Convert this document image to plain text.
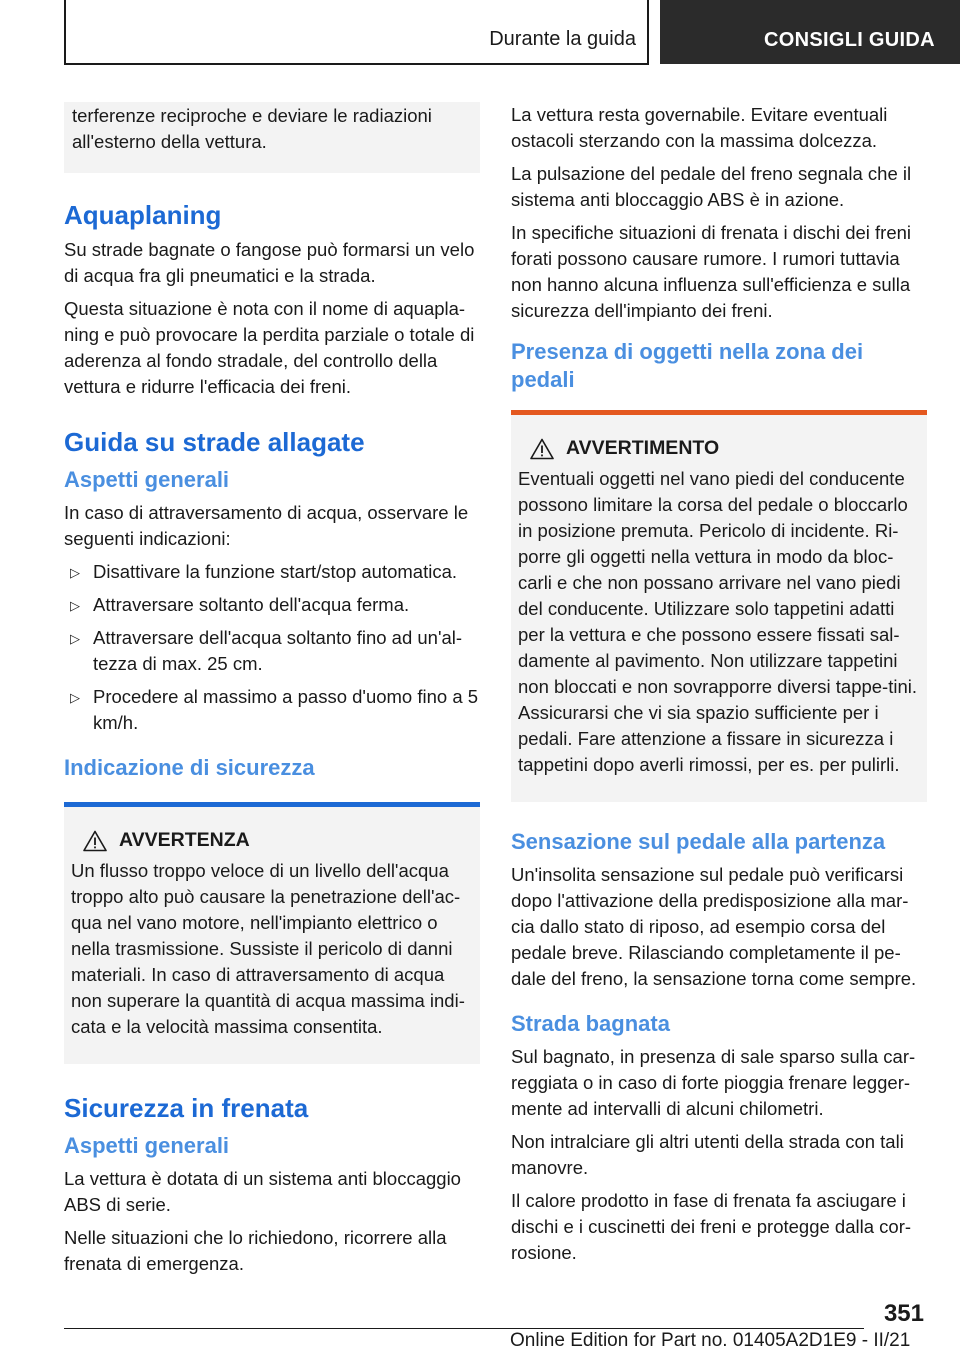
Durante la guida	CONSIGLI GUIDA

terferenze reciproche e deviare le radiazioni all'esterno della vettura.

Aquaplaning

Su strade bagnate o fangose può formarsi un velo di acqua fra gli pneumatici e la strada.

Questa situazione è nota con il nome di aquapla-ning e può provocare la perdita parziale o totale di aderenza al fondo stradale, del controllo della vettura e ridurre l'efficacia dei freni.

Guida su strade allagate
Aspetti generali

In caso di attraversamento di acqua, osservare le seguenti indicazioni:

▷ Disattivare la funzione start/stop automatica.
▷ Attraversare soltanto dell'acqua ferma.
▷ Attraversare dell'acqua soltanto fino ad un'al-tezza di max. 25 cm.
▷ Procedere al massimo a passo d'uomo fino a 5 km/h.
Indicazione di sicurezza
AVVERTENZA

Un flusso troppo veloce di un livello dell'acqua troppo alto può causare la penetrazione dell'ac-qua nel vano motore, nell'impianto elettrico o nella trasmissione. Sussiste il pericolo di danni materiali. In caso di attraversamento di acqua non superare la quantità di acqua massima indi-cata e la velocità massima consentita.

Sicurezza in frenata
Aspetti generali

La vettura è dotata di un sistema anti bloccaggio ABS di serie.

Nelle situazioni che lo richiedono, ricorrere alla frenata di emergenza.

La vettura resta governabile. Evitare eventuali ostacoli sterzando con la massima dolcezza.

La pulsazione del pedale del freno segnala che il sistema anti bloccaggio ABS è in azione.

In specifiche situazioni di frenata i dischi dei freni forati possono causare rumore. I rumori tuttavia non hanno alcuna influenza sull'efficienza e sulla sicurezza dell'impianto dei freni.

Presenza di oggetti nella zona dei pedali
AVVERTIMENTO

Eventuali oggetti nel vano piedi del conducente possono limitare la corsa del pedale o bloccarlo in posizione premuta. Pericolo di incidente. Ri-porre gli oggetti nella vettura in modo da bloc-carli e che non possano arrivare nel vano piedi del conducente. Utilizzare solo tappetini adatti per la vettura e che possono essere fissati sal-damente al pavimento. Non utilizzare tappetini non bloccati e non sovrapporre diversi tappe-tini. Assicurarsi che vi sia spazio sufficiente per i pedali. Fare attenzione a fissare in sicurezza i tappetini dopo averli rimossi, per es. per pulirli.

Sensazione sul pedale alla partenza

Un'insolita sensazione sul pedale può verificarsi dopo l'attivazione della predisposizione alla mar-cia dallo stato di riposo, ad esempio corsa del pedale breve. Rilasciando completamente il pe-dale del freno, la sensazione torna come sempre.

Strada bagnata

Sul bagnato, in presenza di sale sparso sulla car-reggiata o in caso di forte pioggia frenare legger-mente ad intervalli di alcuni chilometri.

Non intralciare gli altri utenti della strada con tali manovre.

Il calore prodotto in fase di frenata fa asciugare i dischi e i cuscinetti dei freni e protegge dalla cor-rosione.

351
Online Edition for Part no. 01405A2D1E9 - II/21
